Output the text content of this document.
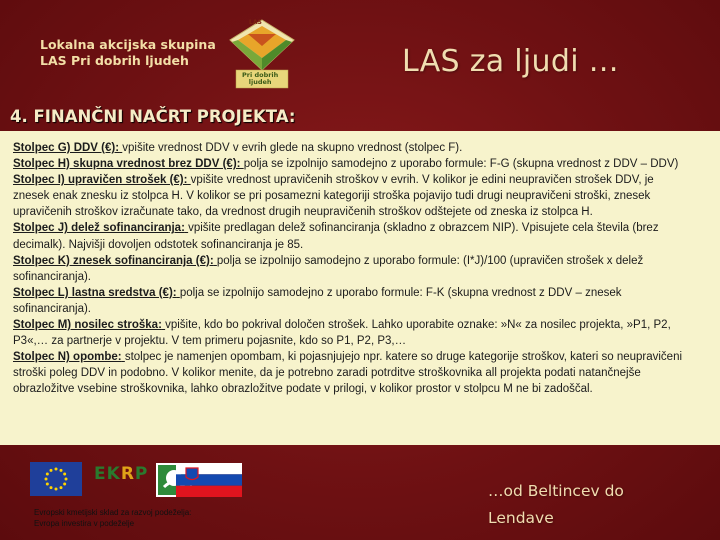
Lokalna akcijska skupina
LAS Pri dobrih ljudeh
LAS
Pri dobrih
ljudeh
LAS za ljudi …
4. FINANČNI NAČRT PROJEKTA:
Stolpec G) DDV (€): vpišite vrednost DDV v evrih glede na skupno vrednost (stolpec F).
Stolpec H) skupna vrednost brez DDV (€): polja se izpolnijo samodejno z uporabo formule: F-G (skupna vrednost z DDV – DDV)
Stolpec I) upravičen strošek (€): vpišite vrednost upravičenih stroškov v evrih. V kolikor je edini neupravičen strošek DDV, je znesek enak znesku iz stolpca H. V kolikor se pri posamezni kategoriji stroška pojavijo tudi drugi neupravičeni stroški, znesek upravičenih stroškov izračunate tako, da vrednost drugih neupravičenih stroškov odštejete od zneska iz stolpca H.
Stolpec J) delež sofinanciranja: vpišite predlagan delež sofinanciranja (skladno z obrazcem NIP). Vpisujete cela števila (brez decimalk). Najvišji dovoljen odstotek sofinanciranja je 85.
Stolpec K) znesek sofinanciranja (€): polja se izpolnijo samodejno z uporabo formule: (I*J)/100 (upravičen strošek x delež sofinanciranja).
Stolpec L) lastna sredstva (€): polja se izpolnijo samodejno z uporabo formule: F-K (skupna vrednost z DDV – znesek sofinanciranja).
Stolpec M) nosilec stroška: vpišite, kdo bo pokrival določen strošek. Lahko uporabite oznake: »N« za nosilec projekta, »P1, P2, P3«,… za partnerje v projektu. V tem primeru pojasnite, kdo so P1, P2, P3,…
Stolpec N) opombe: stolpec je namenjen opombam, ki pojasnjujejo npr. katere so druge kategorije stroškov, kateri so neupravičeni stroški poleg DDV in podobno. V kolikor menite, da je potrebno zaradi potrditve stroškovnika all projekta podati natančnejše obrazložitve vsebine stroškovnika, lahko obrazložitve podate v prilogi, v kolikor prostor v stolpcu M ne bi zadoščal.
EKRP
Evropski kmetijski sklad za razvoj podeželja:
Evropa investira v podeželje
…od Beltincev do
Lendave
